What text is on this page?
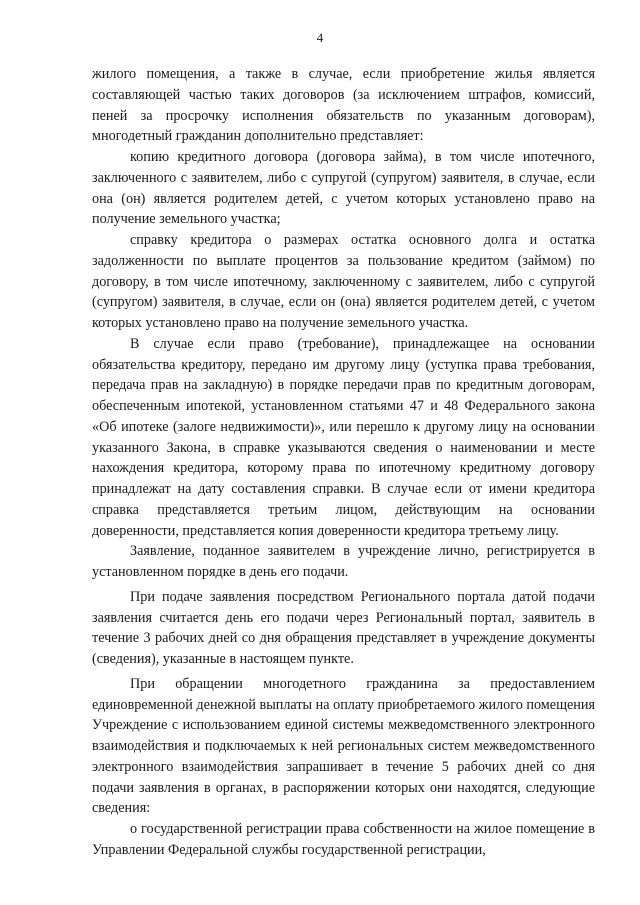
4

жилого помещения, а также в случае, если приобретение жилья является составляющей частью таких договоров (за исключением штрафов, комиссий, пеней за просрочку исполнения обязательств по указанным договорам), многодетный гражданин дополнительно представляет:

копию кредитного договора (договора займа), в том числе ипотечного, заключенного с заявителем, либо с супругой (супругом) заявителя, в случае, если она (он) является родителем детей, с учетом которых установлено право на получение земельного участка;

справку кредитора о размерах остатка основного долга и остатка задолженности по выплате процентов за пользование кредитом (займом) по договору, в том числе ипотечному, заключенному с заявителем, либо с супругой (супругом) заявителя, в случае, если он (она) является родителем детей, с учетом которых установлено право на получение земельного участка.

В случае если право (требование), принадлежащее на основании обязательства кредитору, передано им другому лицу (уступка права требования, передача прав на закладную) в порядке передачи прав по кредитным договорам, обеспеченным ипотекой, установленном статьями 47 и 48 Федерального закона «Об ипотеке (залоге недвижимости)», или перешло к другому лицу на основании указанного Закона, в справке указываются сведения о наименовании и месте нахождения кредитора, которому права по ипотечному кредитному договору принадлежат на дату составления справки. В случае если от имени кредитора справка представляется третьим лицом, действующим на основании доверенности, представляется копия доверенности кредитора третьему лицу.

Заявление, поданное заявителем в учреждение лично, регистрируется в установленном порядке в день его подачи.

При подаче заявления посредством Регионального портала датой подачи заявления считается день его подачи через Региональный портал, заявитель в течение 3 рабочих дней со дня обращения представляет в учреждение документы (сведения), указанные в настоящем пункте.

При обращении многодетного гражданина за предоставлением единовременной денежной выплаты на оплату приобретаемого жилого помещения Учреждение с использованием единой системы межведомственного электронного взаимодействия и подключаемых к ней региональных систем межведомственного электронного взаимодействия запрашивает в течение 5 рабочих дней со дня подачи заявления в органах, в распоряжении которых они находятся, следующие сведения:

о государственной регистрации права собственности на жилое помещение в Управлении Федеральной службы государственной регистрации,
